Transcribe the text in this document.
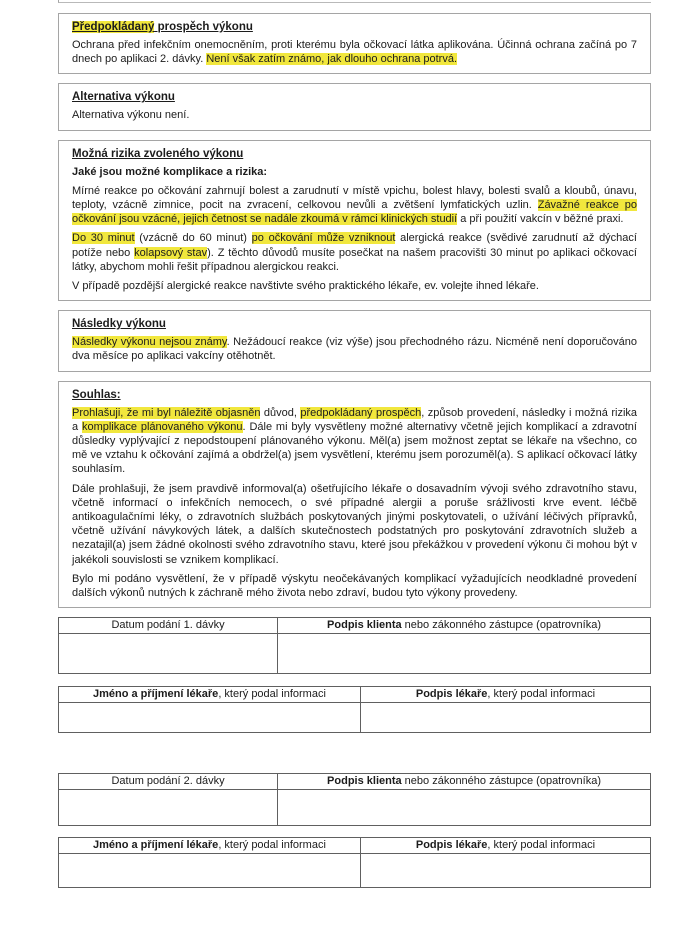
Předpokládaný prospěch výkonu

Ochrana před infekčním onemocněním, proti kterému byla očkovací látka aplikována. Účinná ochrana začíná po 7 dnech po aplikaci 2. dávky. Není však zatím známo, jak dlouho ochrana potrvá.

Alternativa výkonu

Alternativa výkonu není.

Možná rizika zvoleného výkonu

Jaké jsou možné komplikace a rizika:

Mírné reakce po očkování zahrnují bolest a zarudnutí v místě vpichu, bolest hlavy, bolesti svalů a kloubů, únavu, teploty, vzácně zimnice, pocit na zvracení, celkovou nevůli a zvětšení lymfatických uzlin. Závažné reakce po očkování jsou vzácné, jejich četnost se nadále zkoumá v rámci klinických studií a při použití vakcín v běžné praxi.

Do 30 minut (vzácně do 60 minut) po očkování může vzniknout alergická reakce (svědivé zarudnutí až dýchací potíže nebo kolapsový stav). Z těchto důvodů musíte posečkat na našem pracovišti 30 minut po aplikaci očkovací látky, abychom mohli řešit případnou alergickou reakci.

V případě pozdější alergické reakce navštivte svého praktického lékaře, ev. volejte ihned lékaře.

Následky výkonu

Následky výkonu nejsou známy. Nežádoucí reakce (viz výše) jsou přechodného rázu. Nicméně není doporučováno dva měsíce po aplikaci vakcíny otěhotnět.

Souhlas:

Prohlašuji, že mi byl náležitě objasněn důvod, předpokládaný prospěch, způsob provedení, následky i možná rizika a komplikace plánovaného výkonu. Dále mi byly vysvětleny možné alternativy včetně jejich komplikací a zdravotní důsledky vyplývající z nepodstoupení plánovaného výkonu. Měl(a) jsem možnost zeptat se lékaře na všechno, co mě ve vztahu k očkování zajímá a obdržel(a) jsem vysvětlení, kterému jsem porozuměl(a). S aplikací očkovací látky souhlasím.

Dále prohlašuji, že jsem pravdivě informoval(a) ošetřujícího lékaře o dosavadním vývoji svého zdravotního stavu, včetně informací o infekčních nemocech, o své případné alergii a poruše srážlivosti krve event. léčbě antikoagulačními léky, o zdravotních službách poskytovaných jinými poskytovateli, o užívání léčivých přípravků, včetně užívání návykových látek, a dalších skutečnostech podstatných pro poskytování zdravotních služeb a nezatajil(a) jsem žádné okolnosti svého zdravotního stavu, které jsou překážkou v provedení výkonu či mohou být v jakékoli souvislosti se vznikem komplikací.

Bylo mi podáno vysvětlení, že v případě výskytu neočekávaných komplikací vyžadujících neodkladné provedení dalších výkonů nutných k záchraně mého života nebo zdraví, budou tyto výkony provedeny.

Datum podání 1. dávky	Podpis klienta nebo zákonného zástupce (opatrovníka)

Jméno a příjmení lékaře, který podal informaci	Podpis lékaře, který podal informaci

Datum podání 2. dávky	Podpis klienta nebo zákonného zástupce (opatrovníka)

Jméno a příjmení lékaře, který podal informaci	Podpis lékaře, který podal informaci
